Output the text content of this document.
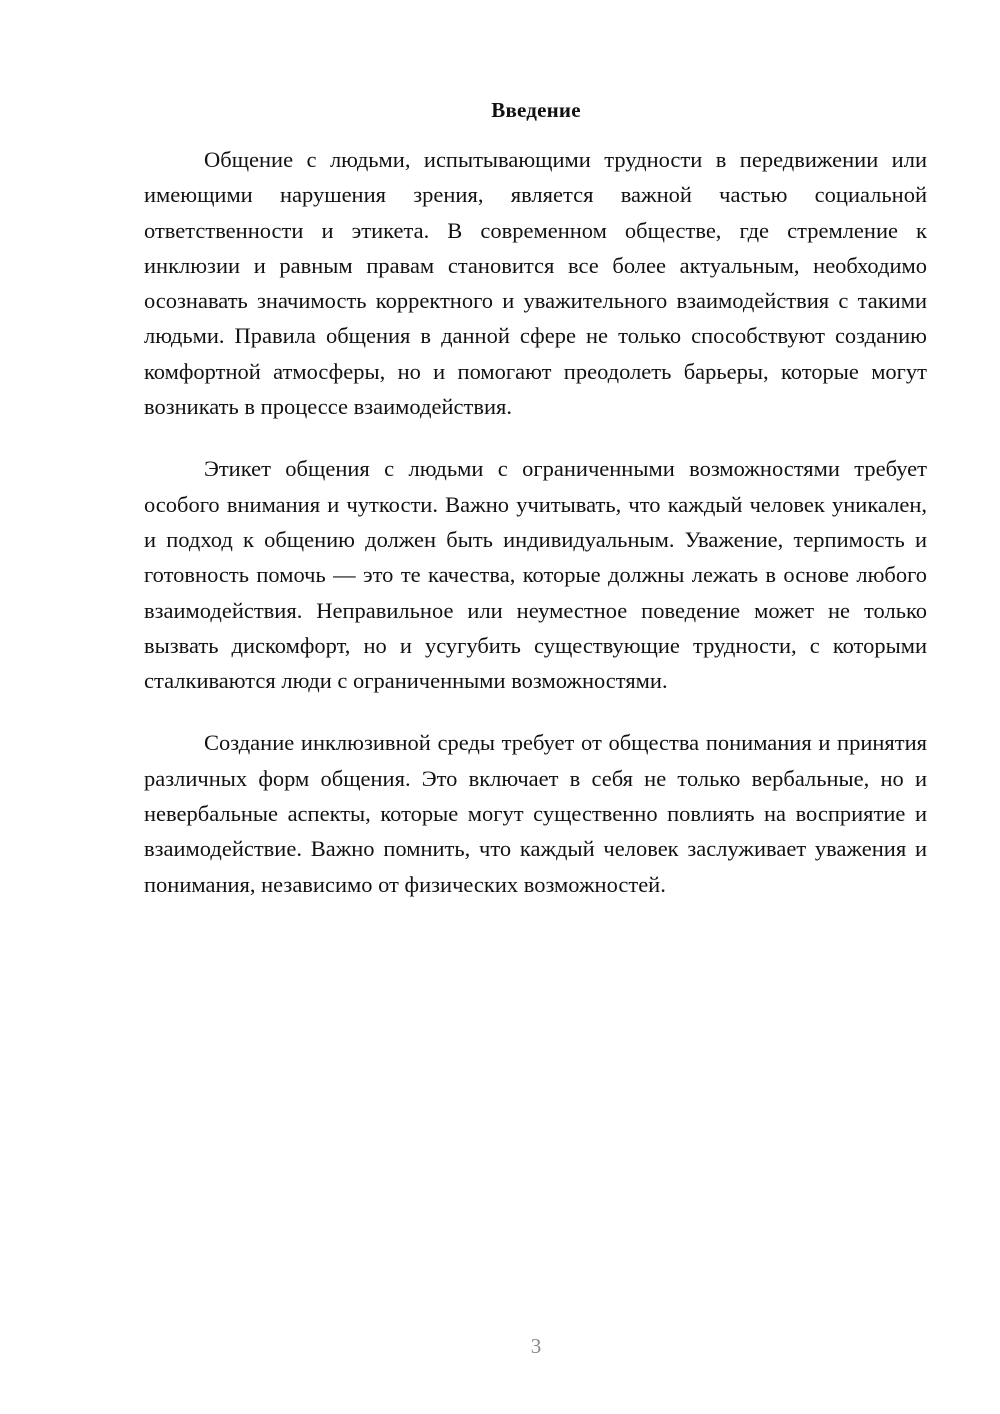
Введение

Общение с людьми, испытывающими трудности в передвижении или имеющими нарушения зрения, является важной частью социальной ответственности и этикета. В современном обществе, где стремление к инклюзии и равным правам становится все более актуальным, необходимо осознавать значимость корректного и уважительного взаимодействия с такими людьми. Правила общения в данной сфере не только способствуют созданию комфортной атмосферы, но и помогают преодолеть барьеры, которые могут возникать в процессе взаимодействия.

Этикет общения с людьми с ограниченными возможностями требует особого внимания и чуткости. Важно учитывать, что каждый человек уникален, и подход к общению должен быть индивидуальным. Уважение, терпимость и готовность помочь — это те качества, которые должны лежать в основе любого взаимодействия. Неправильное или неуместное поведение может не только вызвать дискомфорт, но и усугубить существующие трудности, с которыми сталкиваются люди с ограниченными возможностями.

Создание инклюзивной среды требует от общества понимания и принятия различных форм общения. Это включает в себя не только вербальные, но и невербальные аспекты, которые могут существенно повлиять на восприятие и взаимодействие. Важно помнить, что каждый человек заслуживает уважения и понимания, независимо от физических возможностей.

3
